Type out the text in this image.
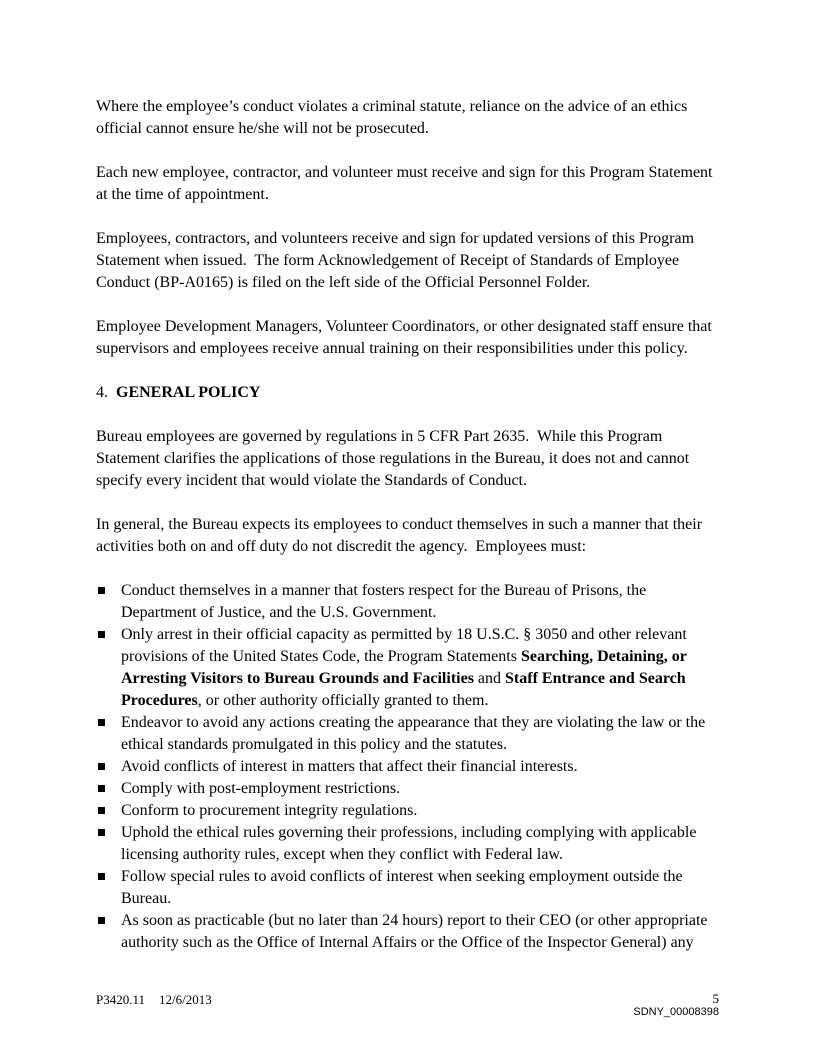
Where the employee’s conduct violates a criminal statute, reliance on the advice of an ethics official cannot ensure he/she will not be prosecuted.

Each new employee, contractor, and volunteer must receive and sign for this Program Statement at the time of appointment.

Employees, contractors, and volunteers receive and sign for updated versions of this Program Statement when issued.  The form Acknowledgement of Receipt of Standards of Employee Conduct (BP-A0165) is filed on the left side of the Official Personnel Folder.

Employee Development Managers, Volunteer Coordinators, or other designated staff ensure that supervisors and employees receive annual training on their responsibilities under this policy.

4. GENERAL POLICY

Bureau employees are governed by regulations in 5 CFR Part 2635.  While this Program Statement clarifies the applications of those regulations in the Bureau, it does not and cannot specify every incident that would violate the Standards of Conduct.

In general, the Bureau expects its employees to conduct themselves in such a manner that their activities both on and off duty do not discredit the agency.  Employees must:

Conduct themselves in a manner that fosters respect for the Bureau of Prisons, the Department of Justice, and the U.S. Government.
Only arrest in their official capacity as permitted by 18 U.S.C. § 3050 and other relevant provisions of the United States Code, the Program Statements Searching, Detaining, or Arresting Visitors to Bureau Grounds and Facilities and Staff Entrance and Search Procedures, or other authority officially granted to them.
Endeavor to avoid any actions creating the appearance that they are violating the law or the ethical standards promulgated in this policy and the statutes.
Avoid conflicts of interest in matters that affect their financial interests.
Comply with post-employment restrictions.
Conform to procurement integrity regulations.
Uphold the ethical rules governing their professions, including complying with applicable licensing authority rules, except when they conflict with Federal law.
Follow special rules to avoid conflicts of interest when seeking employment outside the Bureau.
As soon as practicable (but no later than 24 hours) report to their CEO (or other appropriate authority such as the Office of Internal Affairs or the Office of the Inspector General) any
P3420.11 12/6/2013	5
SDNY_00008398
